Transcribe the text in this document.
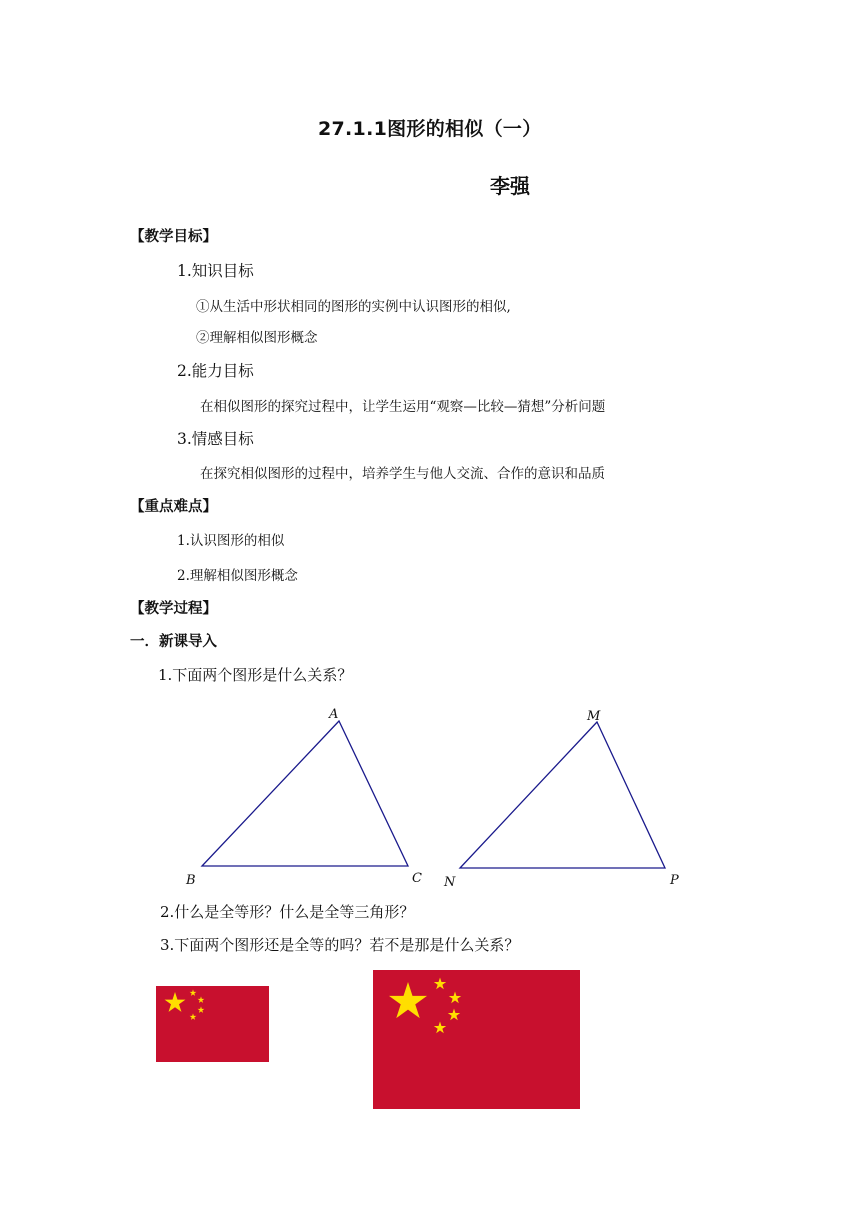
27.1.1图形的相似（一）
李强
【教学目标】
1.知识目标
①从生活中形状相同的图形的实例中认识图形的相似,
②理解相似图形概念
2.能力目标
在相似图形的探究过程中，让学生运用“观察—比较—猜想”分析问题
3.情感目标
在探究相似图形的过程中，培养学生与他人交流、合作的意识和品质
【重点难点】
1.认识图形的相似
2.理解相似图形概念
【教学过程】
一．新课导入
1.下面两个图形是什么关系？
A
B	C
M
N	P
2.什么是全等形？什么是全等三角形？
3.下面两个图形还是全等的吗？若不是那是什么关系？
